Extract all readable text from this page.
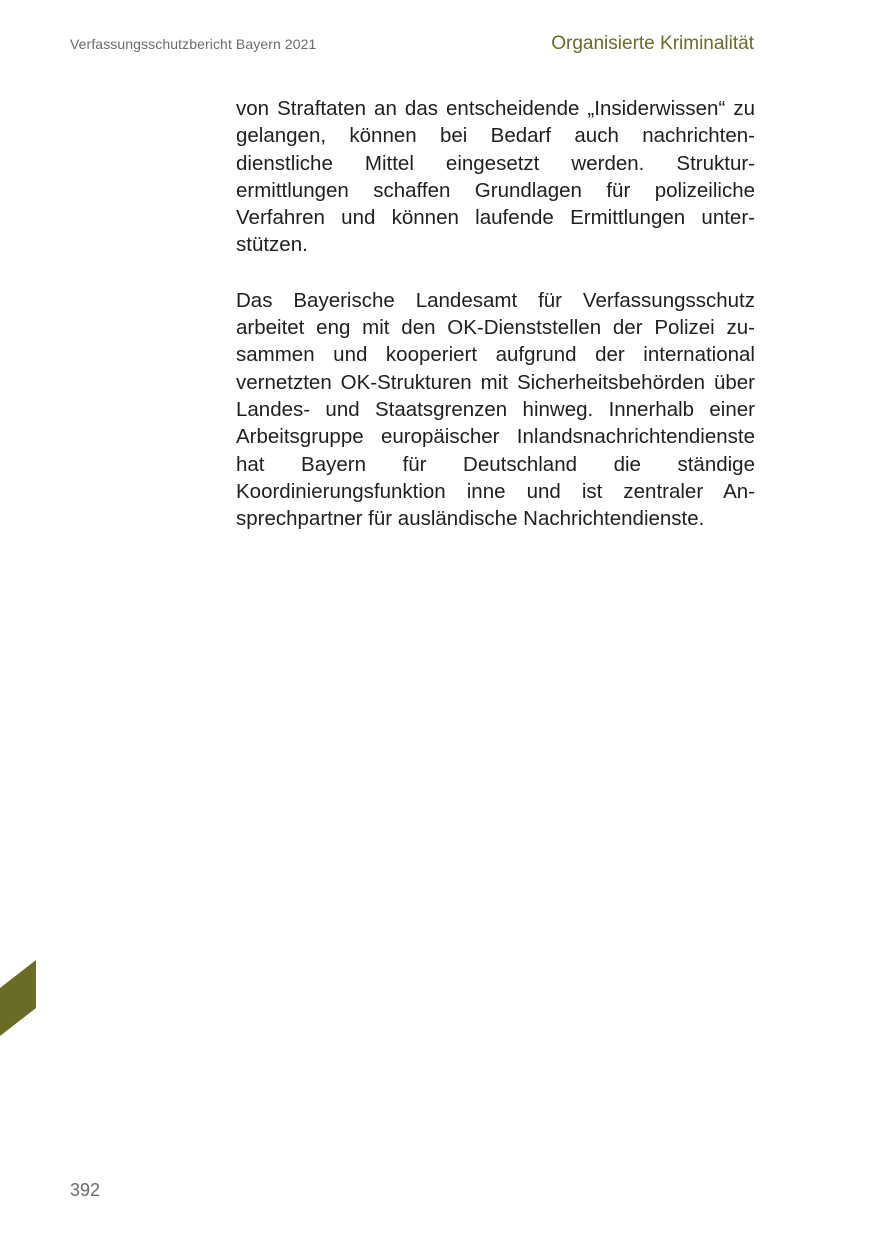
Verfassungsschutzbericht Bayern 2021	Organisierte Kriminalität

von Straftaten an das entscheidende „Insiderwissen“ zu gelangen, können bei Bedarf auch nachrichtendienstliche Mittel eingesetzt werden. Strukturermittlungen schaffen Grundlagen für polizeiliche Verfahren und können laufende Ermittlungen unterstützen.

Das Bayerische Landesamt für Verfassungsschutz arbeitet eng mit den OK-Dienststellen der Polizei zusammen und kooperiert aufgrund der international vernetzten OK-Strukturen mit Sicherheitsbehörden über Landes- und Staatsgrenzen hinweg. Innerhalb einer Arbeitsgruppe europäischer Inlandsnachrichtendienste hat Bayern für Deutschland die ständige Koordinierungsfunktion inne und ist zentraler Ansprechpartner für ausländische Nachrichtendienste.

392
